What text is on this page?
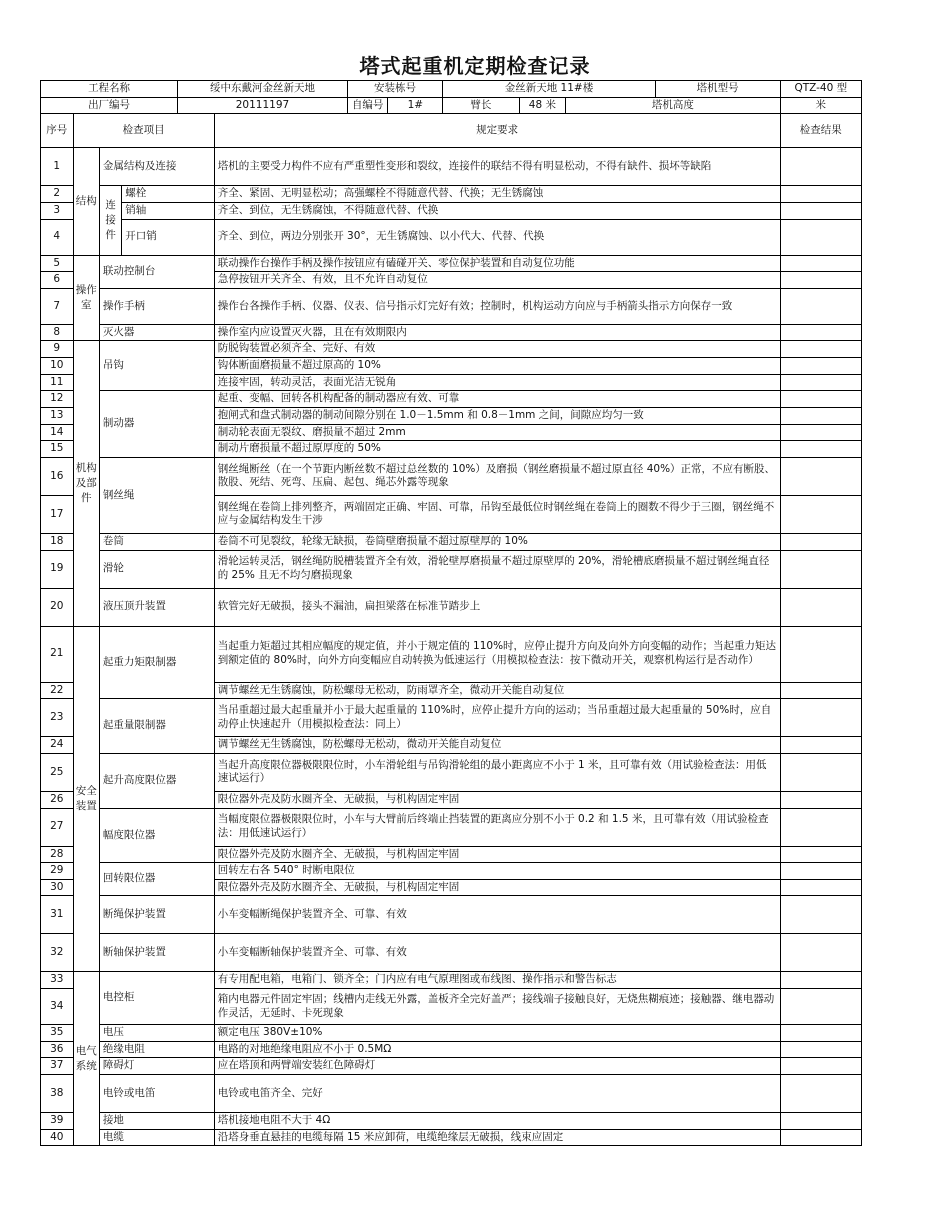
塔式起重机定期检查记录
工程名称				绥中东戴河金丝新天地		安装栋号		金丝新天地 11#楼			塔机型号	QTZ-40 型
出厂编号				20111197		自编号	1#	臂长	48 米	塔机高度		米
序号	检查项目				规定要求							检查结果
1	结构	金属结构及连接			塔机的主要受力构件不应有严重塑性变形和裂纹，连接件的联结不得有明显松动，不得有缺件、损坏等缺陷							
2		连接件	螺栓		齐全、紧固、无明显松动；高强螺栓不得随意代替、代换；无生锈腐蚀							
3			销轴		齐全、到位，无生锈腐蚀，不得随意代替、代换							
4			开口销		齐全、到位，两边分别张开 30°，无生锈腐蚀、以小代大、代替、代换							
5	操作室	联动控制台			联动操作台操作手柄及操作按钮应有磕碰开关、零位保护装置和自动复位功能							
6					急停按钮开关齐全、有效，且不允许自动复位							
7		操作手柄			操作台各操作手柄、仪器、仪表、信号指示灯完好有效；控制时，机构运动方向应与手柄箭头指示方向保存一致							
8		灭火器			操作室内应设置灭火器，且在有效期限内							
9	机构及部件	吊钩			防脱钩装置必须齐全、完好、有效							
10					钩体断面磨损量不超过原高的 10%							
11					连接牢固，转动灵活，表面光洁无锐角							
12		制动器			起重、变幅、回转各机构配备的制动器应有效、可靠							
13					抱闸式和盘式制动器的制动间隙分别在 1.0－1.5mm 和 0.8－1mm 之间，间隙应均匀一致							
14					制动轮表面无裂纹、磨损量不超过 2mm							
15					制动片磨损量不超过原厚度的 50%							
16		钢丝绳			钢丝绳断丝（在一个节距内断丝数不超过总丝数的 10%）及磨损（钢丝磨损量不超过原直径 40%）正常，不应有断股、散股、死结、死弯、压扁、起包、绳芯外露等现象							
17					钢丝绳在卷筒上排列整齐，两端固定正确、牢固、可靠，吊钩至最低位时钢丝绳在卷筒上的圈数不得少于三圈，钢丝绳不应与金属结构发生干涉							
18		卷筒			卷筒不可见裂纹，轮缘无缺损，卷筒壁磨损量不超过原壁厚的 10%							
19		滑轮			滑轮运转灵活，钢丝绳防脱槽装置齐全有效，滑轮壁厚磨损量不超过原壁厚的 20%，滑轮槽底磨损量不超过钢丝绳直径的 25% 且无不均匀磨损现象							
20		液压顶升装置			软管完好无破损，接头不漏油，扁担梁落在标准节踏步上							
21	安全装置	起重力矩限制器			当起重力矩超过其相应幅度的规定值，并小于规定值的 110%时，应停止提升方向及向外方向变幅的动作；当起重力矩达到额定值的 80%时，向外方向变幅应自动转换为低速运行（用模拟检查法：按下微动开关，观察机构运行是否动作）							
22					调节螺丝无生锈腐蚀，防松螺母无松动，防雨罩齐全，微动开关能自动复位							
23		起重量限制器			当吊重超过最大起重量并小于最大起重量的 110%时，应停止提升方向的运动；当吊重超过最大起重量的 50%时，应自动停止快速起升（用模拟检查法：同上）							
24					调节螺丝无生锈腐蚀，防松螺母无松动，微动开关能自动复位							
25		起升高度限位器			当起升高度限位器极限限位时，小车滑轮组与吊钩滑轮组的最小距离应不小于 1 米，且可靠有效（用试验检查法：用低速试运行）							
26					限位器外壳及防水圈齐全、无破损，与机构固定牢固							
27		幅度限位器			当幅度限位器极限限位时，小车与大臂前后终端止挡装置的距离应分别不小于 0.2 和 1.5 米，且可靠有效（用试验检查法：用低速试运行）							
28					限位器外壳及防水圈齐全、无破损，与机构固定牢固							
29		回转限位器			回转左右各 540° 时断电限位							
30					限位器外壳及防水圈齐全、无破损，与机构固定牢固							
31		断绳保护装置			小车变幅断绳保护装置齐全、可靠、有效							
32		断轴保护装置			小车变幅断轴保护装置齐全、可靠、有效							
33	电气系统	电控柜			有专用配电箱，电箱门、锁齐全；门内应有电气原理图或布线图、操作指示和警告标志							
34					箱内电器元件固定牢固；线槽内走线无外露，盖板齐全完好盖严；接线端子接触良好，无烧焦糊痕迹；接触器、继电器动作灵活，无延时、卡死现象							
35		电压			额定电压 380V±10%							
36		绝缘电阻			电路的对地绝缘电阻应不小于 0.5MΩ							
37		障碍灯			应在塔顶和两臂端安装红色障碍灯							
38		电铃或电笛			电铃或电笛齐全、完好							
39		接地			塔机接地电阻不大于 4Ω							
40		电缆			沿塔身垂直悬挂的电缆每隔 15 米应卸荷，电缆绝缘层无破损，线束应固定							
